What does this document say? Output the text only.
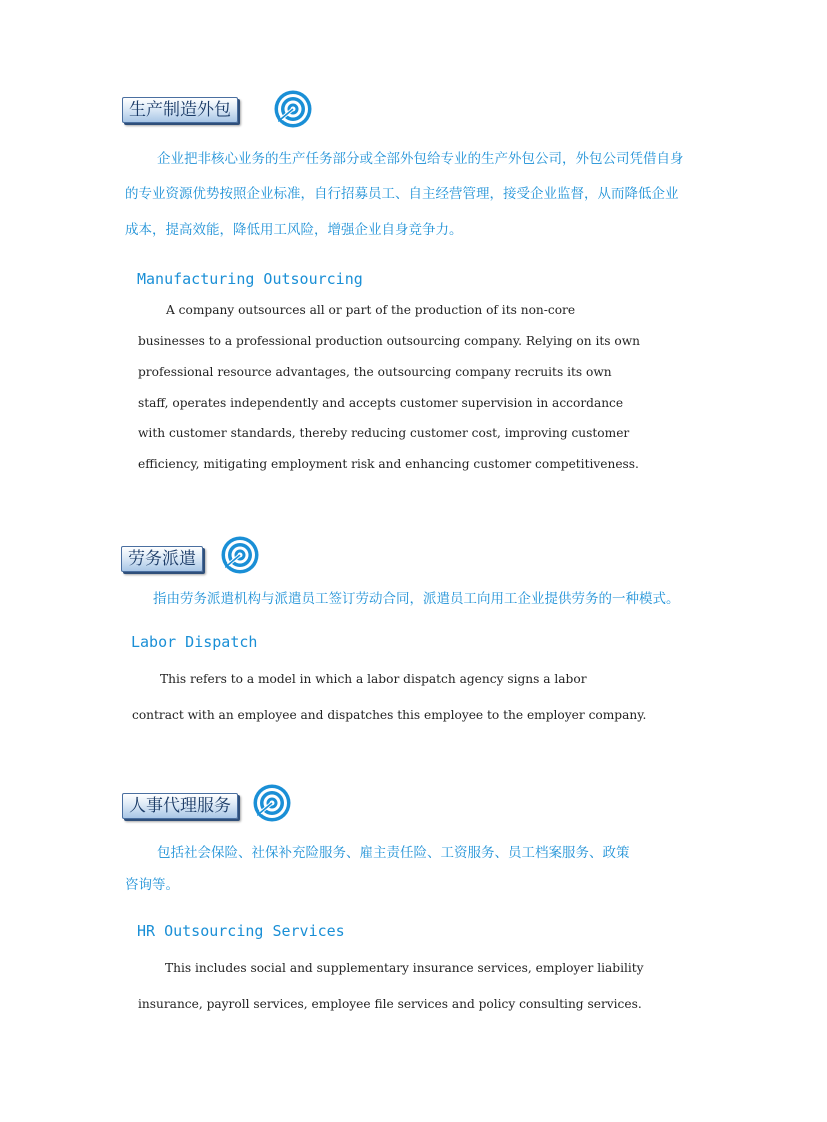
生产制造外包

企业把非核心业务的生产任务部分或全部外包给专业的生产外包公司，外包公司凭借自身

的专业资源优势按照企业标准，自行招募员工、自主经营管理，接受企业监督，从而降低企业

成本，提高效能，降低用工风险，增强企业自身竞争力。

Manufacturing Outsourcing

A company outsources all or part of the production of its non-core

businesses to a professional production outsourcing company. Relying on its own

professional resource advantages, the outsourcing company recruits its own

staff, operates independently and accepts customer supervision in accordance

with customer standards, thereby reducing customer cost, improving customer

efficiency, mitigating employment risk and enhancing customer competitiveness.

劳务派遣

指由劳务派遣机构与派遣员工签订劳动合同，派遣员工向用工企业提供劳务的一种模式。

Labor Dispatch

This refers to a model in which a labor dispatch agency signs a labor

contract with an employee and dispatches this employee to the employer company.

人事代理服务

包括社会保险、社保补充险服务、雇主责任险、工资服务、员工档案服务、政策

咨询等。

HR Outsourcing Services

This includes social and supplementary insurance services, employer liability

insurance, payroll services, employee file services and policy consulting services.
